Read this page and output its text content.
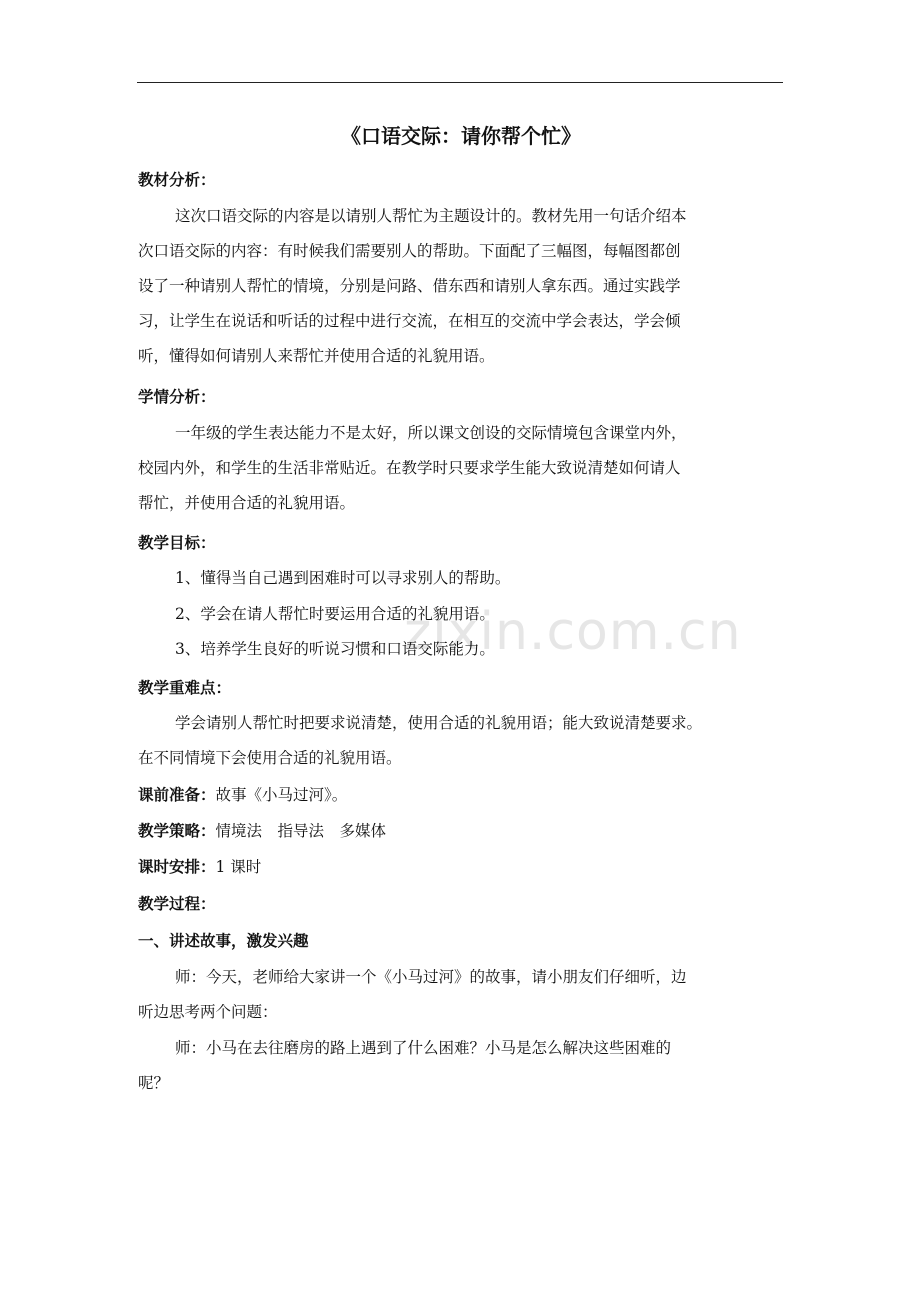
zixin.com.cn
《口语交际：请你帮个忙》
教材分析：
这次口语交际的内容是以请别人帮忙为主题设计的。教材先用一句话介绍本
次口语交际的内容：有时候我们需要别人的帮助。下面配了三幅图，每幅图都创
设了一种请别人帮忙的情境，分别是问路、借东西和请别人拿东西。通过实践学
习，让学生在说话和听话的过程中进行交流，在相互的交流中学会表达，学会倾
听，懂得如何请别人来帮忙并使用合适的礼貌用语。
学情分析：
一年级的学生表达能力不是太好，所以课文创设的交际情境包含课堂内外，
校园内外，和学生的生活非常贴近。在教学时只要求学生能大致说清楚如何请人
帮忙，并使用合适的礼貌用语。
教学目标：
1、懂得当自己遇到困难时可以寻求别人的帮助。
2、学会在请人帮忙时要运用合适的礼貌用语。
3、培养学生良好的听说习惯和口语交际能力。
教学重难点：
学会请别人帮忙时把要求说清楚，使用合适的礼貌用语；能大致说清楚要求。
在不同情境下会使用合适的礼貌用语。
课前准备：故事《小马过河》。
教学策略：情境法　指导法　多媒体
课时安排：1 课时
教学过程：
一、讲述故事，激发兴趣
师：今天，老师给大家讲一个《小马过河》的故事，请小朋友们仔细听，边
听边思考两个问题：
师：小马在去往磨房的路上遇到了什么困难？小马是怎么解决这些困难的
呢？
